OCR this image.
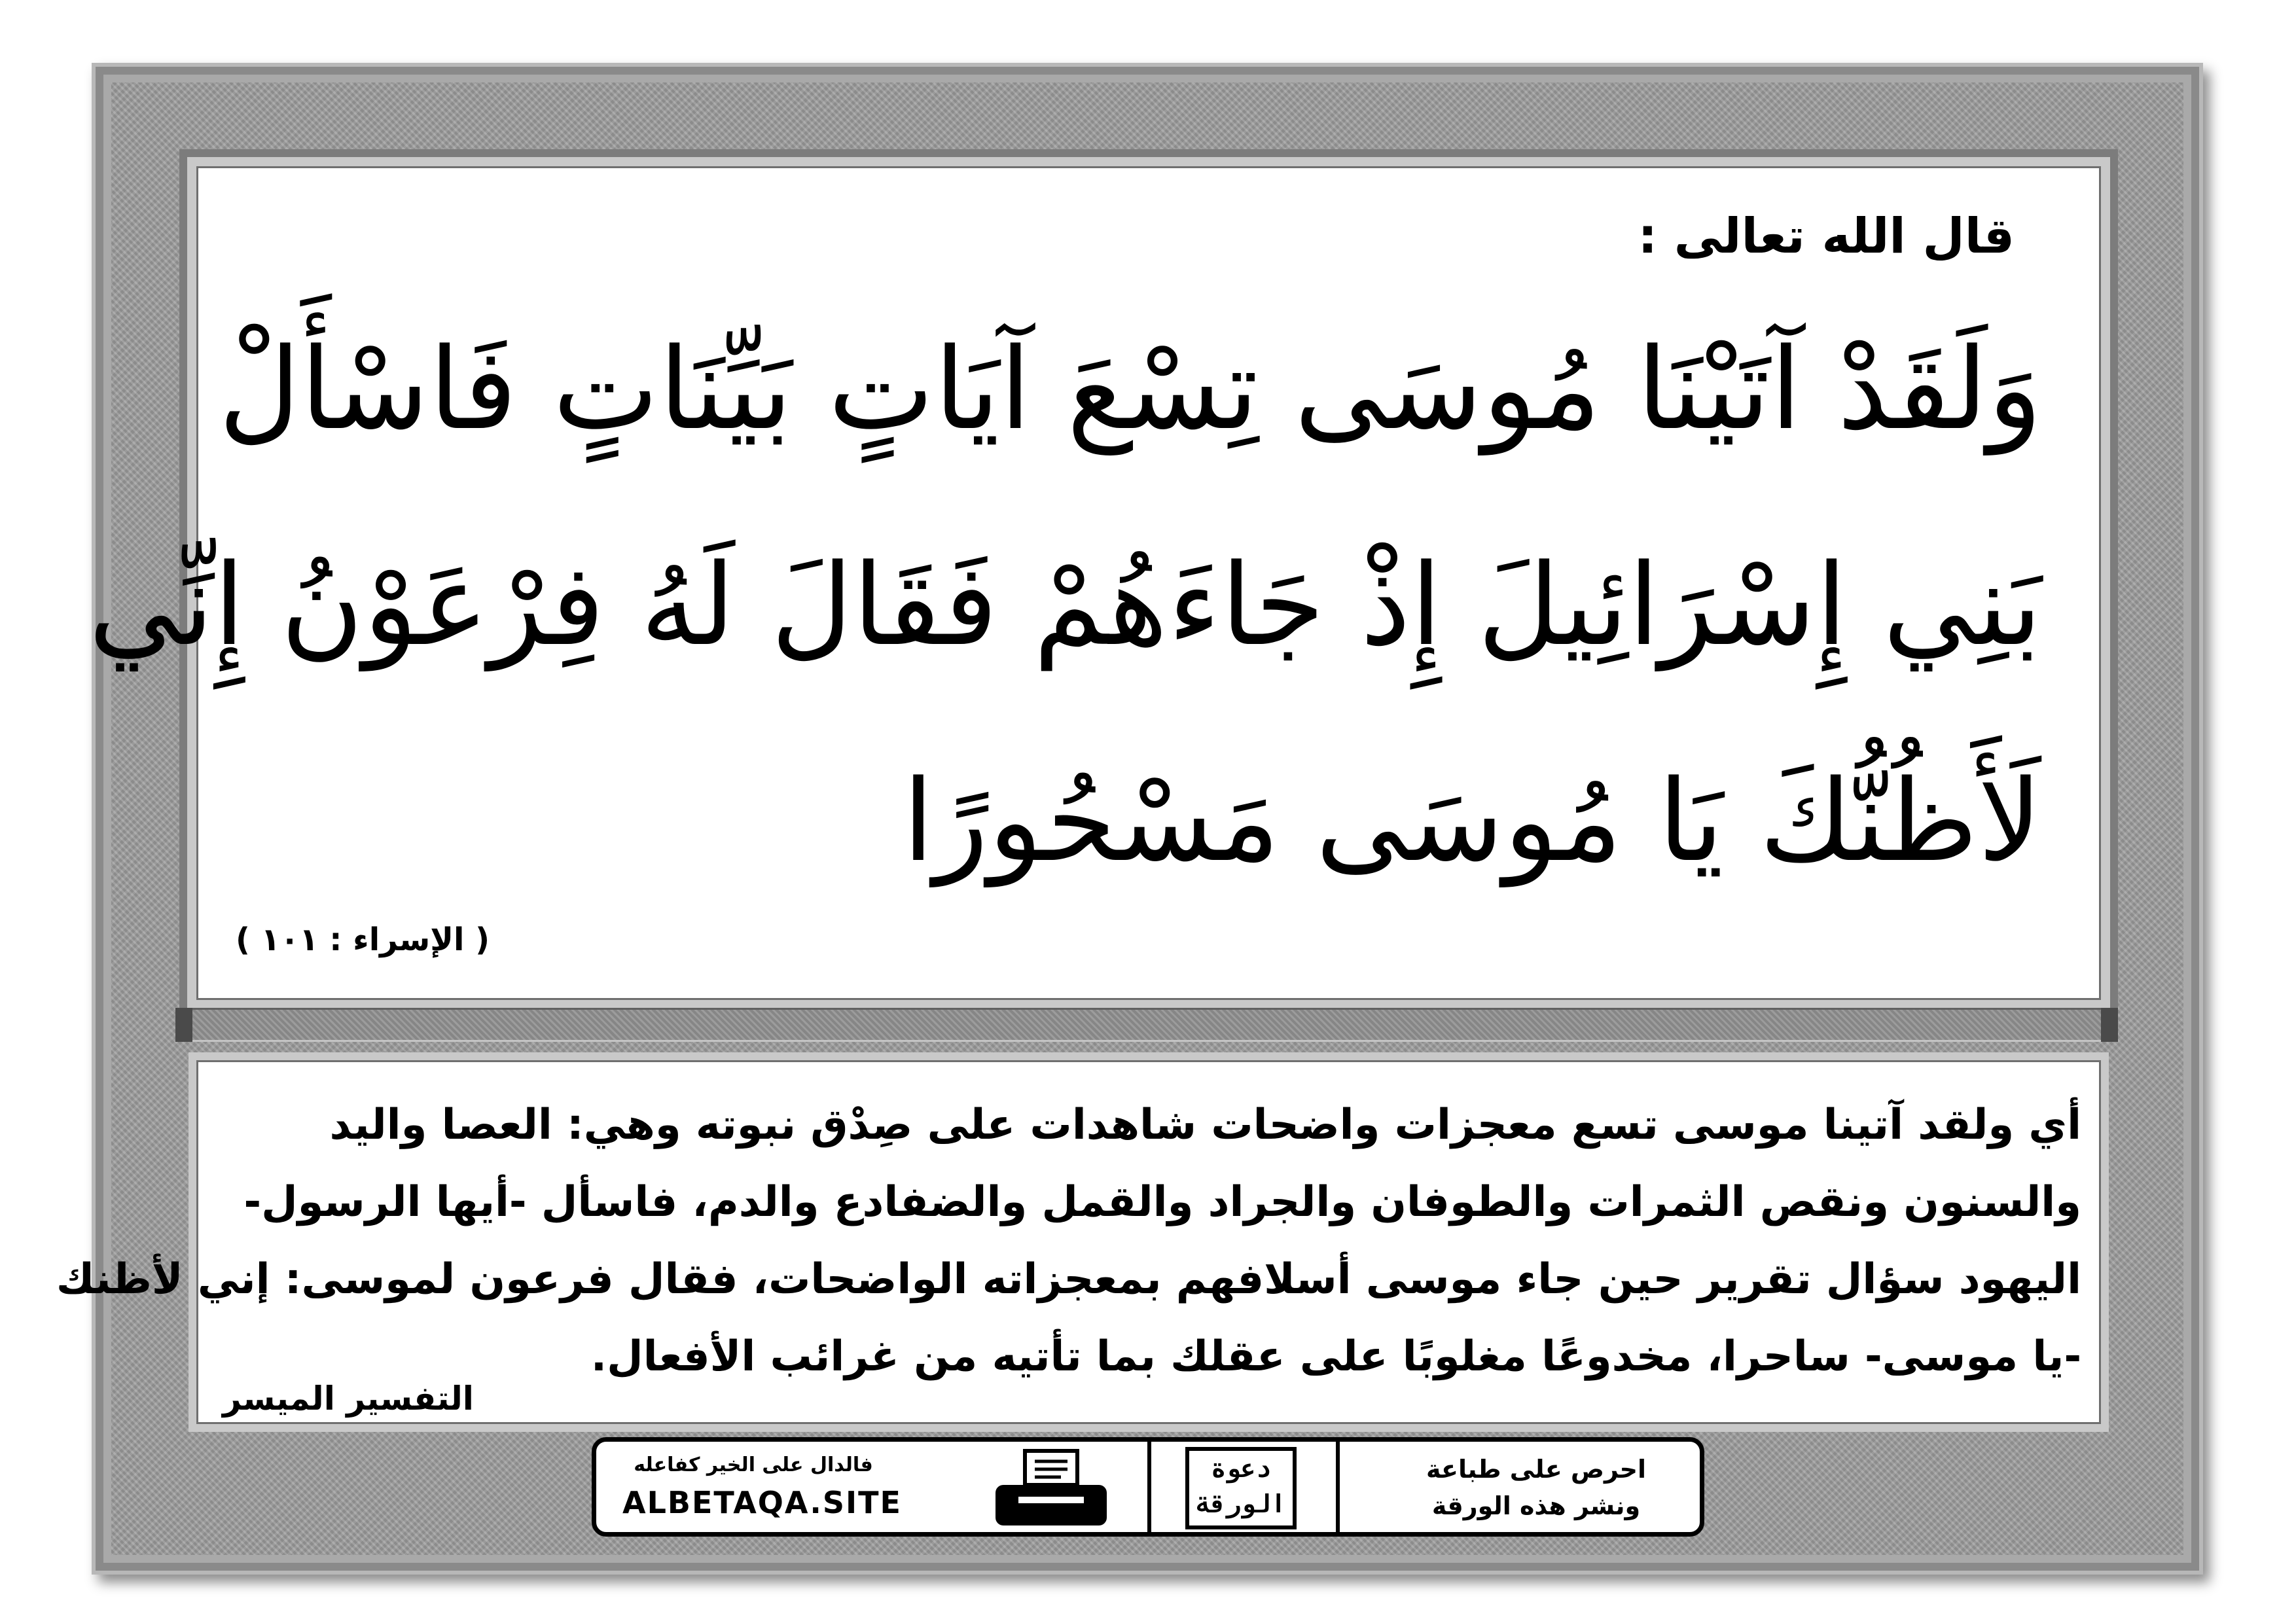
قال الله تعالى :
وَلَقَدْ آتَيْنَا مُوسَى تِسْعَ آيَاتٍ بَيِّنَاتٍ فَاسْأَلْ
بَنِي إِسْرَائِيلَ إِذْ جَاءَهُمْ فَقَالَ لَهُ فِرْعَوْنُ إِنِّي
لَأَظُنُّكَ يَا مُوسَى مَسْحُورًا
( الإسراء : ١٠١ )
أي ولقد آتينا موسى تسع معجزات واضحات شاهدات على صِدْق نبوته وهي: العصا واليد
والسنون ونقص الثمرات والطوفان والجراد والقمل والضفادع والدم، فاسأل -أيها الرسول-
اليهود سؤال تقرير حين جاء موسى أسلافهم بمعجزاته الواضحات، فقال فرعون لموسى: إني لأظنك
-يا موسى- ساحرا، مخدوعًا مغلوبًا على عقلك بما تأتيه من غرائب الأفعال.
التفسير الميسر
فالدال على الخير كفاعله
ALBETAQA.SITE
دعوة
الورقة
احرص على طباعة
ونشر هذه الورقة
